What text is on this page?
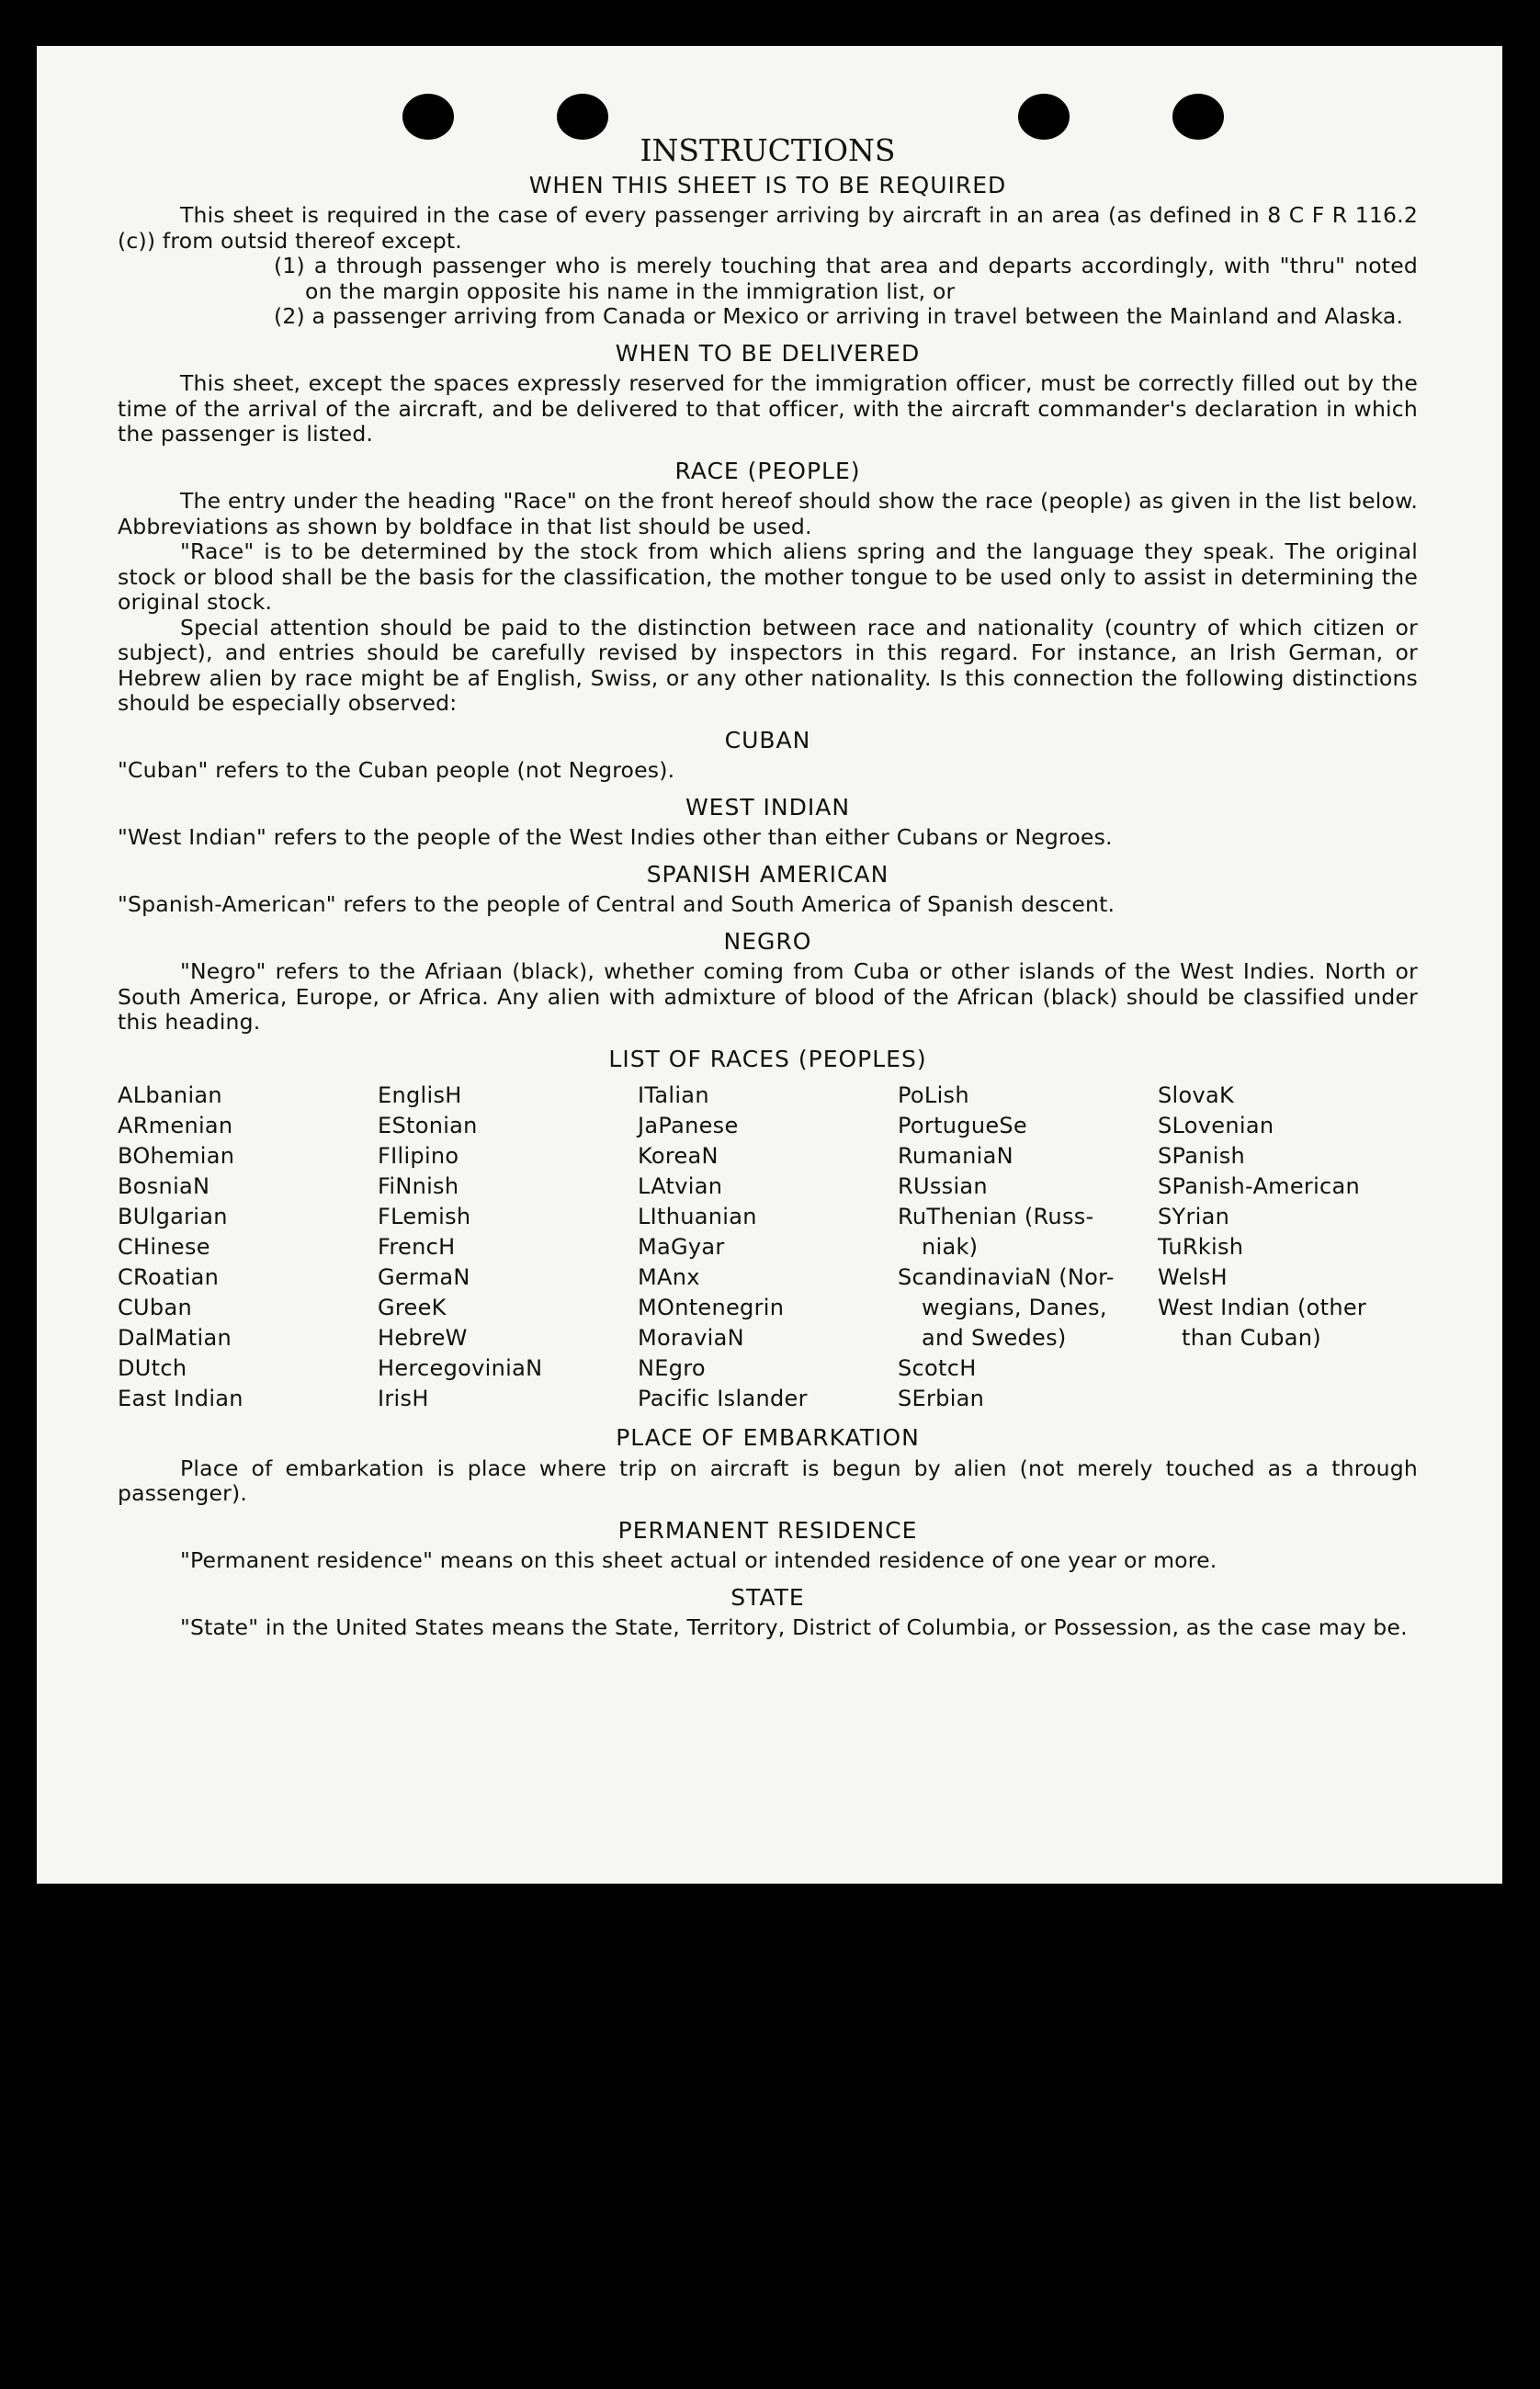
INSTRUCTIONS
WHEN THIS SHEET IS TO BE REQUIRED

This sheet is required in the case of every passenger arriving by aircraft in an area (as defined in 8 C F R 116.2 (c)) from outsid thereof except.

(1) a through passenger who is merely touching that area and departs accordingly, with "thru" noted on the margin opposite his name in the immigration list, or

(2) a passenger arriving from Canada or Mexico or arriving in travel between the Mainland and Alaska.

WHEN TO BE DELIVERED

This sheet, except the spaces expressly reserved for the immigration officer, must be correctly filled out by the time of the arrival of the aircraft, and be delivered to that officer, with the aircraft commander's declaration in which the passenger is listed.

RACE (PEOPLE)

The entry under the heading "Race" on the front hereof should show the race (people) as given in the list below. Abbreviations as shown by boldface in that list should be used.

"Race" is to be determined by the stock from which aliens spring and the language they speak. The original stock or blood shall be the basis for the classification, the mother tongue to be used only to assist in determining the original stock.

Special attention should be paid to the distinction between race and nationality (country of which citizen or subject), and entries should be carefully revised by inspectors in this regard. For instance, an Irish German, or Hebrew alien by race might be af English, Swiss, or any other nationality. Is this connection the following distinctions should be especially observed:

CUBAN

"Cuban" refers to the Cuban people (not Negroes).

WEST INDIAN

"West Indian" refers to the people of the West Indies other than either Cubans or Negroes.

SPANISH AMERICAN

"Spanish-American" refers to the people of Central and South America of Spanish descent.

NEGRO

"Negro" refers to the Afriaan (black), whether coming from Cuba or other islands of the West Indies. North or South America, Europe, or Africa. Any alien with admixture of blood of the African (black) should be classified under this heading.

LIST OF RACES (PEOPLES)
ALbanian
ARmenian
BOhemian
BosniaN
BUlgarian
CHinese
CRoatian
CUban
DalMatian
DUtch
East Indian
EnglisH
EStonian
FIlipino
FiNnish
FLemish
FrencH
GermaN
GreeK
HebreW
HercegoviniaN
IrisH
ITalian
JaPanese
KoreaN
LAtvian
LIthuanian
MaGyar
MAnx
MOntenegrin
MoraviaN
NEgro
Pacific Islander
PoLish
PortugueSe
RumaniaN
RUssian
RuThenian (Russ-
niak)
ScandinaviaN (Nor-
wegians, Danes,
and Swedes)
ScotcH
SErbian
SlovaK
SLovenian
SPanish
SPanish-American
SYrian
TuRkish
WelsH
West Indian (other
than Cuban)
PLACE OF EMBARKATION

Place of embarkation is place where trip on aircraft is begun by alien (not merely touched as a through passenger).

PERMANENT RESIDENCE

"Permanent residence" means on this sheet actual or intended residence of one year or more.

STATE

"State" in the United States means the State, Territory, District of Columbia, or Possession, as the case may be.
